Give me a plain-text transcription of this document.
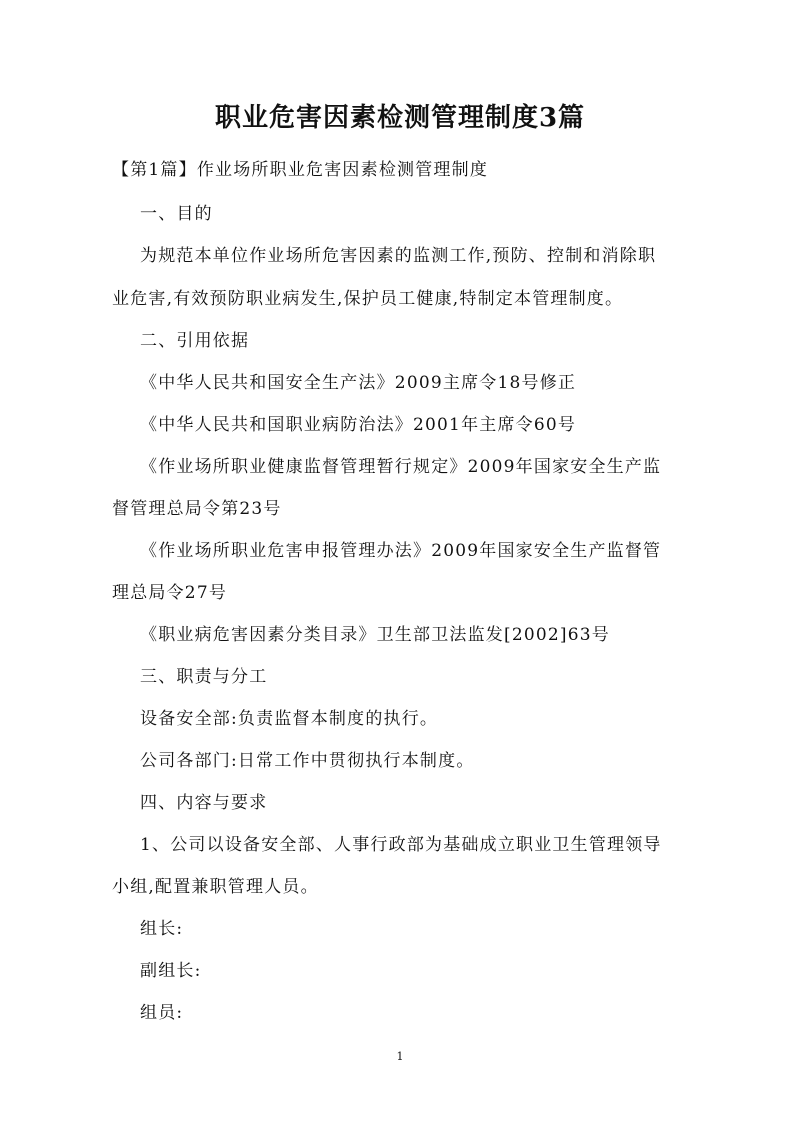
职业危害因素检测管理制度3篇

【第1篇】作业场所职业危害因素检测管理制度

一、目的

为规范本单位作业场所危害因素的监测工作,预防、控制和消除职

业危害,有效预防职业病发生,保护员工健康,特制定本管理制度。

二、引用依据

《中华人民共和国安全生产法》2009主席令18号修正

《中华人民共和国职业病防治法》2001年主席令60号

《作业场所职业健康监督管理暂行规定》2009年国家安全生产监

督管理总局令第23号

《作业场所职业危害申报管理办法》2009年国家安全生产监督管

理总局令27号

《职业病危害因素分类目录》卫生部卫法监发[2002]63号

三、职责与分工

设备安全部:负责监督本制度的执行。

公司各部门:日常工作中贯彻执行本制度。

四、内容与要求

1、公司以设备安全部、人事行政部为基础成立职业卫生管理领导

小组,配置兼职管理人员。

组长:

副组长:

组员:

1
